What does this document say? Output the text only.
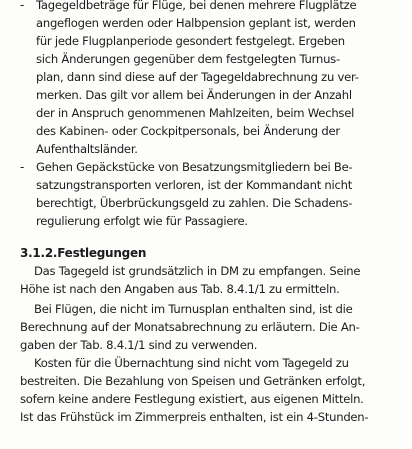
- Tagegeldbeträge für Flüge, bei denen mehrere Flugplätze
angeflogen werden oder Halbpension geplant ist, werden
für jede Flugplanperiode gesondert festgelegt. Ergeben
sich Änderungen gegenüber dem festgelegten Turnus-
plan, dann sind diese auf der Tagegeldabrechnung zu ver-
merken. Das gilt vor allem bei Änderungen in der Anzahl
der in Anspruch genommenen Mahlzeiten, beim Wechsel
des Kabinen- oder Cockpitpersonals, bei Änderung der
Aufenthaltsländer.
- Gehen Gepäckstücke von Besatzungsmitgliedern bei Be-
satzungstransporten verloren, ist der Kommandant nicht
berechtigt, Überbrückungsgeld zu zahlen. Die Schadens-
regulierung erfolgt wie für Passagiere.
3.1.2.Festlegungen
Das Tagegeld ist grundsätzlich in DM zu empfangen. Seine
Höhe ist nach den Angaben aus Tab. 8.4.1/1 zu ermitteln.
Bei Flügen, die nicht im Turnusplan enthalten sind, ist die
Berechnung auf der Monatsabrechnung zu erläutern. Die An-
gaben der Tab. 8.4.1/1 sind zu verwenden.
Kosten für die Übernachtung sind nicht vom Tagegeld zu
bestreiten. Die Bezahlung von Speisen und Getränken erfolgt,
sofern keine andere Festlegung existiert, aus eigenen Mitteln.
Ist das Frühstück im Zimmerpreis enthalten, ist ein 4-Stunden-
